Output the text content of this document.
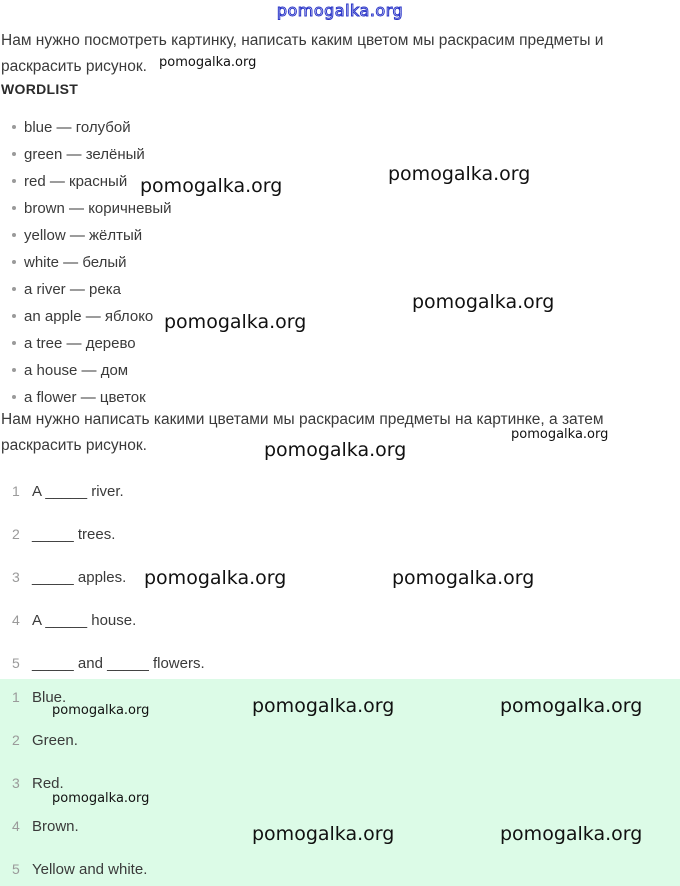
pomogalka.org
Нам нужно посмотреть картинку, написать каким цветом мы раскрасим предметы и раскрасить рисунок.
WORDLIST
blue — голубой
green — зелёный
red — красный
brown — коричневый
yellow — жёлтый
white — белый
a river — река
an apple — яблоко
a tree — дерево
a house — дом
a flower — цветок
Нам нужно написать какими цветами мы раскрасим предметы на картинке, а затем раскрасить рисунок.
1 A _____ river.
2 _____ trees.
3 _____ apples.
4 A _____ house.
5 _____ and _____ flowers.
1 Blue.
2 Green.
3 Red.
4 Brown.
5 Yellow and white.
pomogalka.org
pomogalka.org
pomogalka.org
pomogalka.org
pomogalka.org
pomogalka.org
pomogalka.org
pomogalka.org	pomogalka.org
pomogalka.org	pomogalka.org	pomogalka.org
pomogalka.org
pomogalka.org	pomogalka.org
